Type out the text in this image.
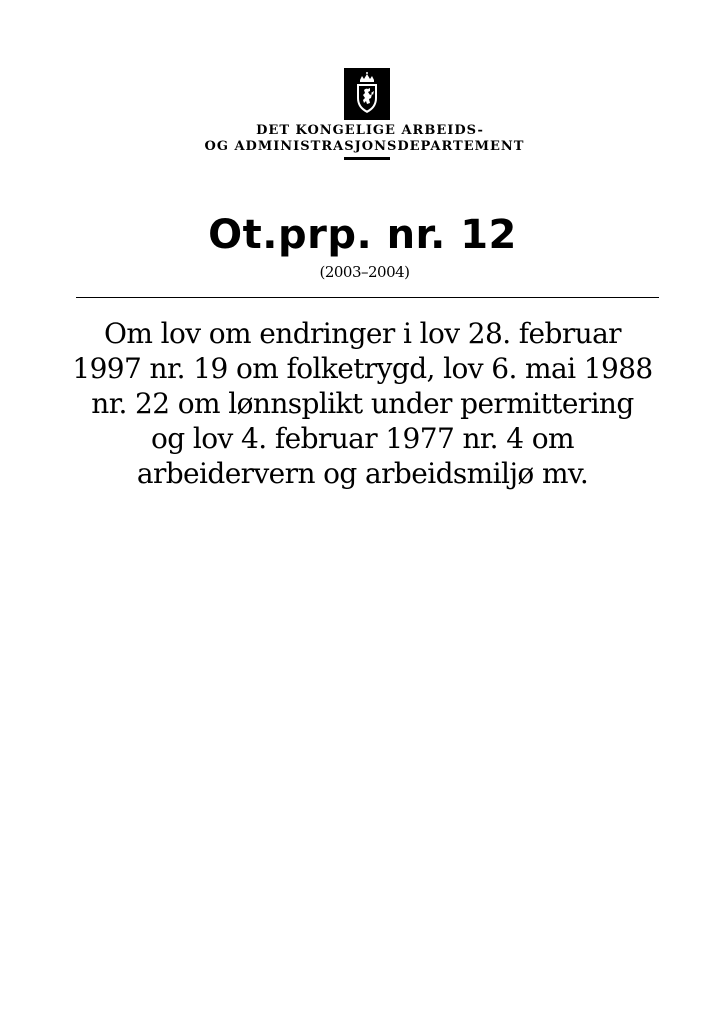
DET KONGELIGE ARBEIDS-
OG ADMINISTRASJONSDEPARTEMENT
Ot.prp. nr. 12
(2003–2004)
Om lov om endringer i lov 28. februar
1997 nr. 19 om folketrygd, lov 6. mai 1988
nr. 22 om lønnsplikt under permittering
og lov 4. februar 1977 nr. 4 om
arbeidervern og arbeidsmiljø mv.
